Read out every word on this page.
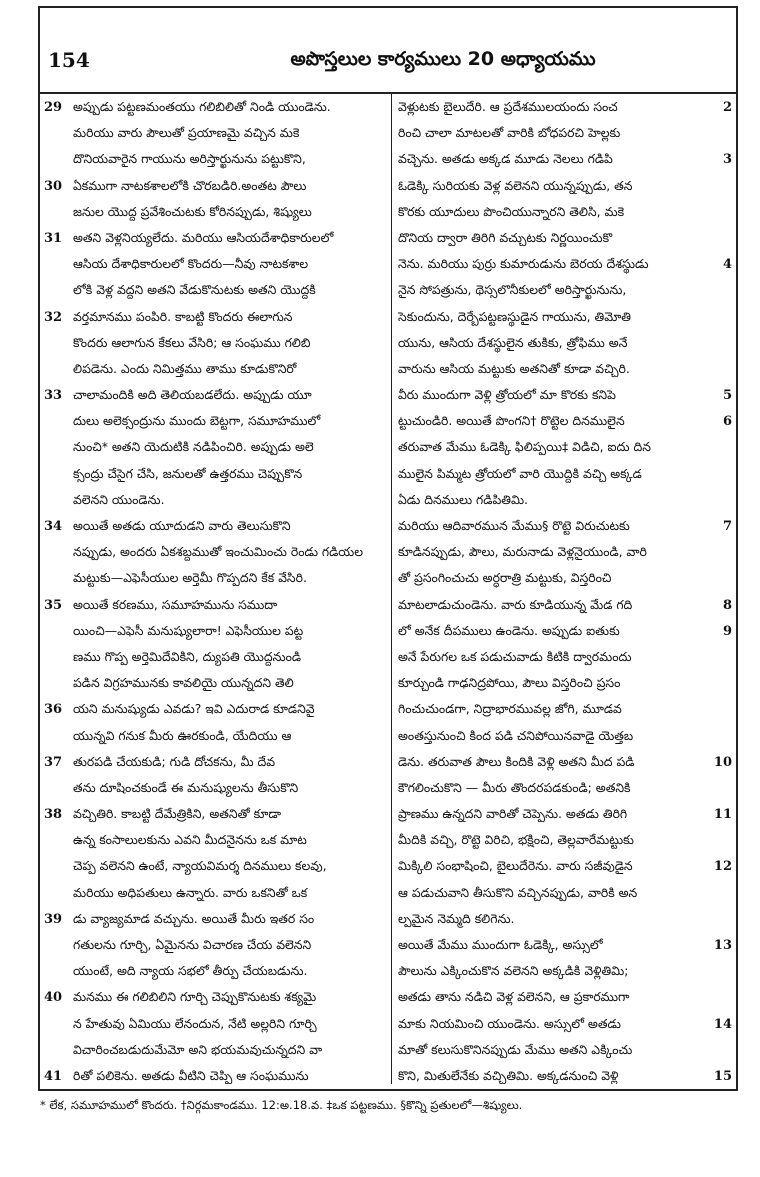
154	అపొస్తలుల కార్యములు 20 అధ్యాయము
29 అప్పుడు పట్టణమంతయు గలిబిలితో నిండి యుండెను.
మరియు వారు పౌలుతో ప్రయాణమై వచ్చిన మకె
దొనియవారైన గాయును అరిస్తార్ఖునును పట్టుకొని,
30 ఏకముగా నాటకశాలలోకి చొరబడిరి.అంతట పౌలు
జనుల యొద్ద ప్రవేశించుటకు కోరినప్పుడు, శిష్యులు
31 అతని వెళ్లనియ్యలేదు. మరియు ఆసియదేశాధికారులలో
ఆసియ దేశాధికారులలో కొందరు—నీవు నాటకశాల
లోకి వెళ్ల వద్దని అతని వేడుకొనుటకు అతని యొద్దకి
32 వర్తమానము పంపిరి. కాబట్టి కొందరు ఈలాగున
కొందరు ఆలాగున కేకలు వేసిరి; ఆ సంఘము గలిబి
లిపడెను. ఎందు నిమిత్తము తాము కూడుకొనిరో
33 చాలామందికి అది తెలియబడలేదు. అప్పుడు యూ
దులు అలెక్సంద్రును ముందు బెట్టగా, సమూహములో
నుంచి* అతని యెదుటికి నడిపించిరి. అప్పుడు అలె
క్సంద్రు చేసైగ చేసి, జనులతో ఉత్తరము చెప్పుకొన
వలెనని యుండెను.
34 అయితే అతడు యూదుడని వారు తెలుసుకొని
నప్పుడు, అందరు ఏకశబ్దముతో ఇంచుమించు రెండు గడియల
మట్టుకు—ఎఫెసీయుల అర్తెమీ గొప్పదని కేక వేసిరి.
35 అయితే కరణము, సమూహమును సముదా
యించి—ఎఫెసీ మనుష్యులారా! ఎఫెసీయుల పట్ట
ణము గొప్ప అర్తెమిదేవికిని, ద్యుపతి యొద్దనుండి
పడిన విగ్రహమునకు కావలియై యున్నదని తెలి
36 యని మనుష్యుడు ఎవడు? ఇవి ఎదురాడ కూడనివై
యున్నవి గనుక మీరు ఊరకుండి, యేదియు ఆ
37 తురపడి చేయకుడి; గుడి దోచకను, మీ దేవ
తను దూషించకుండే ఈ మనుష్యులను తీసుకొని
38 వచ్చితిరి. కాబట్టి దేమేత్రికిని, అతనితో కూడా
ఉన్న కంసాలులకును ఎవని మీదనైనను ఒక మాట
చెప్ప వలెనని ఉంటే, న్యాయవిమర్శ దినములు కలవు,
మరియు అధిపతులు ఉన్నారు. వారు ఒకనితో ఒక
39 డు వ్యాజ్యమాడ వచ్చును. అయితే మీరు ఇతర సం
గతులను గూర్చి, ఏమైనను విచారణ చేయ వలెనని
యుంటే, అది న్యాయ సభలో తీర్పు చేయబడును.
40 మనము ఈ గలిబిలిని గూర్చి చెప్పుకొనుటకు శక్యమై
న హేతువు ఏమియు లేనందున, నేటి అల్లరిని గూర్చి
విచారించబడుదుమేమో అని భయమవుచున్నదని వా
41 రితో పలికెను. అతడు వీటిని చెప్పి ఆ సంఘమును
వెళ్లుటకు బైలుదేరి. ఆ ప్రదేశములయందు సంచ	2
రించి చాలా మాటలతో వారికి బోధపరచి హెల్లకు
వచ్చెను. అతడు అక్కడ మూడు నెలలు గడిపి	3
ఓడెక్కి సురియకు వెళ్ల వలెనని యున్నప్పుడు, తన
కొరకు యూదులు పొంచియున్నారని తెలిసి, మకె
దొనియ ద్వారా తిరిగి వచ్చుటకు నిర్ణయించుకొ
నెను. మరియు పుర్రు కుమారుడును బెరయ దేశస్థుడు	4
నైన సోపత్రును, థెస్సలొనీకులలో అరిస్తార్ఖునును,
సెకుందును, దెర్బేపట్టణస్థుడైన గాయును, తిమోతి
యును, ఆసియ దేశస్థులైన తుకికు, త్రోఫిము అనే
వారును ఆసియ మట్టుకు అతనితో కూడా వచ్చిరి.
వీరు ముందుగా వెళ్లి త్రోయలో మా కొరకు కనిపె	5
ట్టుచుండిరి. అయితే పొంగని† రొట్టెల దినములైన	6
తరువాత మేము ఓడెక్కి ఫిలిప్పయి‡ విడిచి, ఐదు దిన
ములైన పిమ్మట త్రోయలో వారి యొద్దికి వచ్చి అక్కడ
ఏడు దినములు గడిపితిమి.
మరియు ఆదివారమున మేము§ రొట్టె విరుచుటకు	7
కూడినప్పుడు, పౌలు, మరునాడు వెళ్లనైయుండి, వారి
తో ప్రసంగించుచు అర్ధరాత్రి మట్టుకు, విస్తరించి
మాటలాడుచుండెను. వారు కూడియున్న మేడ గది	8
లో అనేక దీపములు ఉండెను. అప్పుడు ఐతుకు	9
అనే పేరుగల ఒక పడుచువాడు కిటికి ద్వారమందు
కూర్చుండి గాఢనిద్రపోయి, పౌలు విస్తరించి ప్రసం
గించుచుండగా, నిద్రాభారమువల్ల జోగి, మూడవ
అంతస్తునుంచి కింద పడి చనిపోయినవాడై యెత్తబ
డెను. తరువాత పౌలు కిందికి వెళ్లి అతని మీద పడి	10
కౌగలించుకొని — మీరు తొందరపడకుండి; అతనికి
ప్రాణము ఉన్నదని వారితో చెప్పెను. అతడు తిరిగి	11
మీదికి వచ్చి, రొట్టె విరిచి, భక్షించి, తెల్లవారేమట్టుకు
మిక్కిలి సంభాషించి, బైలుదేరెను. వారు సజీవుడైన	12
ఆ పడుచువాని తీసుకొని వచ్చినప్పుడు, వారికి అన
ల్పమైన నెమ్మది కలిగెను.
అయితే మేము ముందుగా ఓడెక్కి, అస్సులో	13
పౌలును ఎక్కించుకొన వలెనని అక్కడికి వెళ్లితిమి;
అతడు తాను నడిచి వెళ్ల వలెనని, ఆ ప్రకారముగా
మాకు నియమించి యుండెను. అస్సులో అతడు	14
మాతో కలుసుకొనినప్పుడు మేము అతని ఎక్కించు
కొని, మితులేనేకు వచ్చితిమి. అక్కడనుంచి వెళ్లి	15
* లేక, సమూహములో కొందరు. †నిర్గమకాండము. 12:అ.18.వ. ‡ఒక పట్టణము. §కొన్ని ప్రతులలో—శిష్యులు.
